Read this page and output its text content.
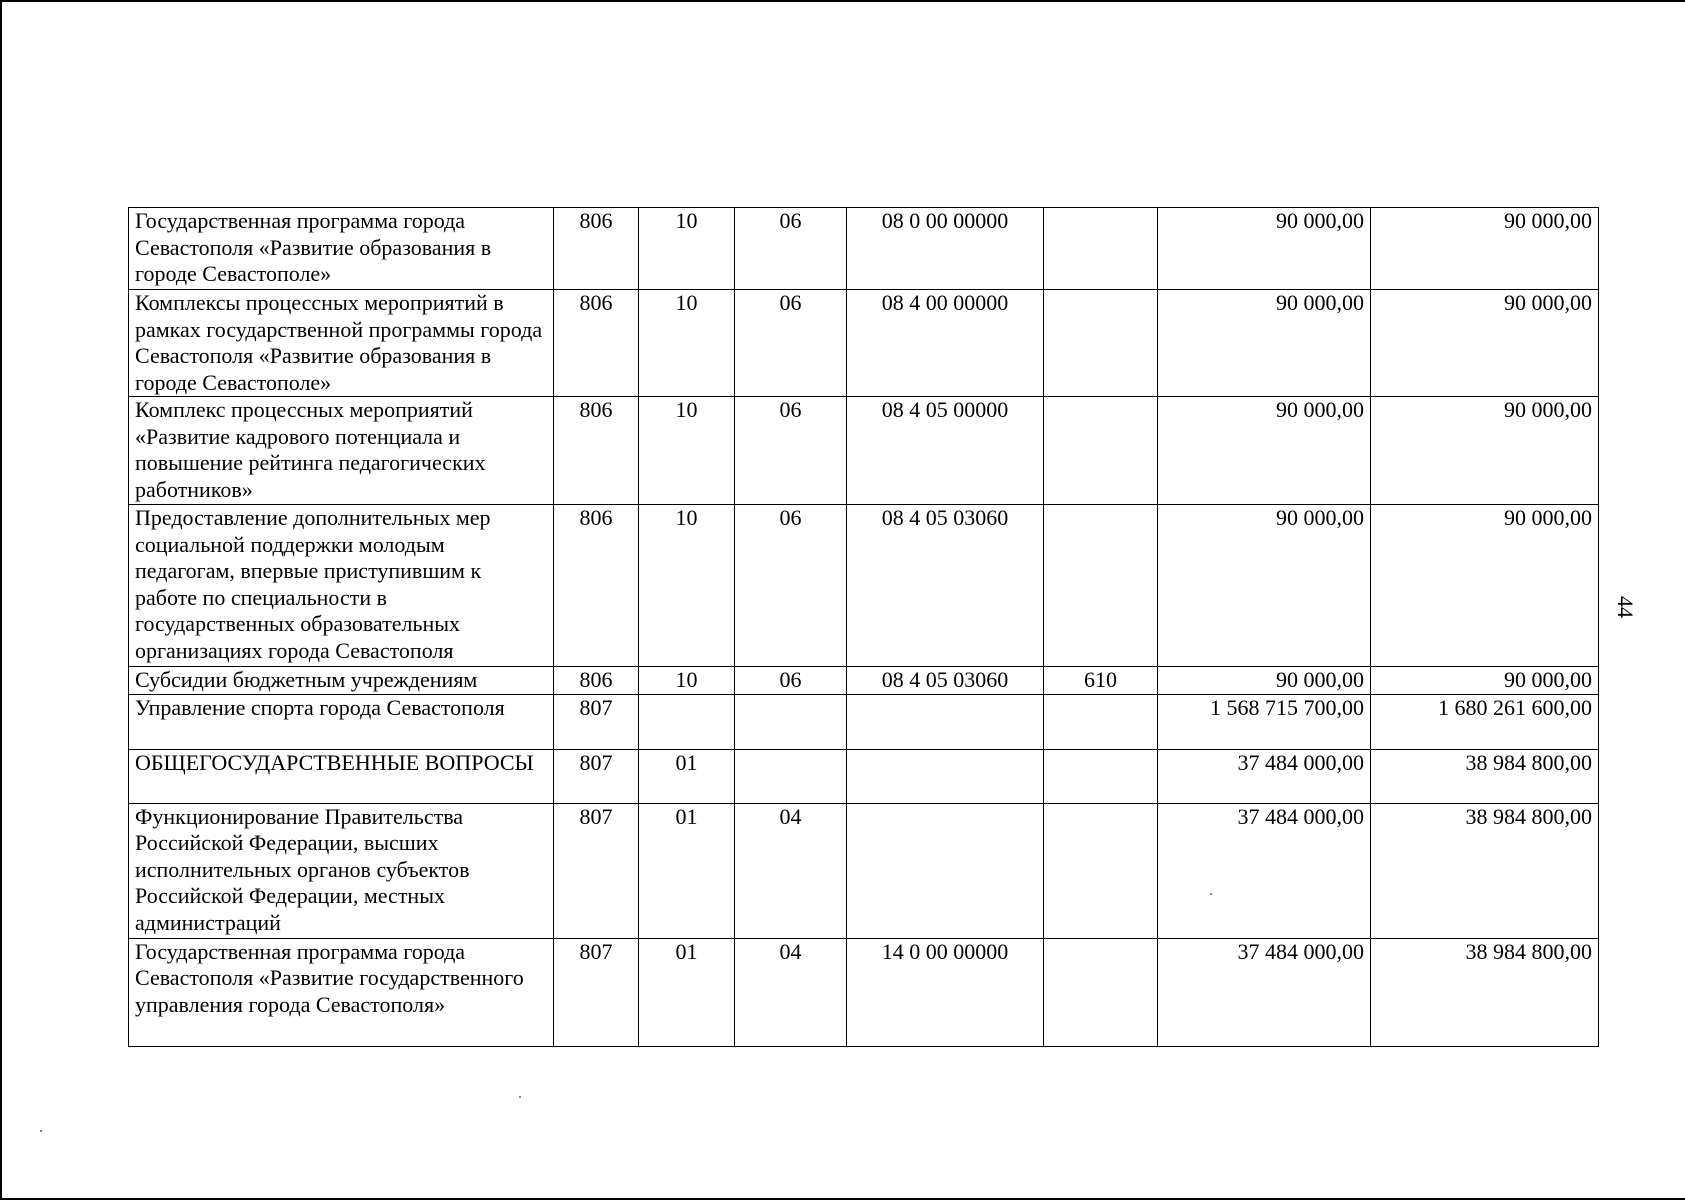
44
Государственная программа города Севастополя «Развитие образования в городе Севастополе»	806	10	06	08 0 00 00000		90 000,00	90 000,00
Комплексы процессных мероприятий в рамках государственной программы города Севастополя «Развитие образования в городе Севастополе»	806	10	06	08 4 00 00000		90 000,00	90 000,00
Комплекс процессных мероприятий «Развитие кадрового потенциала и повышение рейтинга педагогических работников»	806	10	06	08 4 05 00000		90 000,00	90 000,00
Предоставление дополнительных мер социальной поддержки молодым педагогам, впервые приступившим к работе по специальности в государственных образовательных организациях города Севастополя	806	10	06	08 4 05 03060		90 000,00	90 000,00
Субсидии бюджетным учреждениям	806	10	06	08 4 05 03060	610	90 000,00	90 000,00
Управление спорта города Севастополя	807					1 568 715 700,00	1 680 261 600,00
ОБЩЕГОСУДАРСТВЕННЫЕ ВОПРОСЫ	807	01				37 484 000,00	38 984 800,00
Функционирование Правительства Российской Федерации, высших исполнительных органов субъектов Российской Федерации, местных администраций	807	01	04			37 484 000,00	38 984 800,00
Государственная программа города Севастополя «Развитие государственного управления города Севастополя»	807	01	04	14 0 00 00000		37 484 000,00	38 984 800,00
